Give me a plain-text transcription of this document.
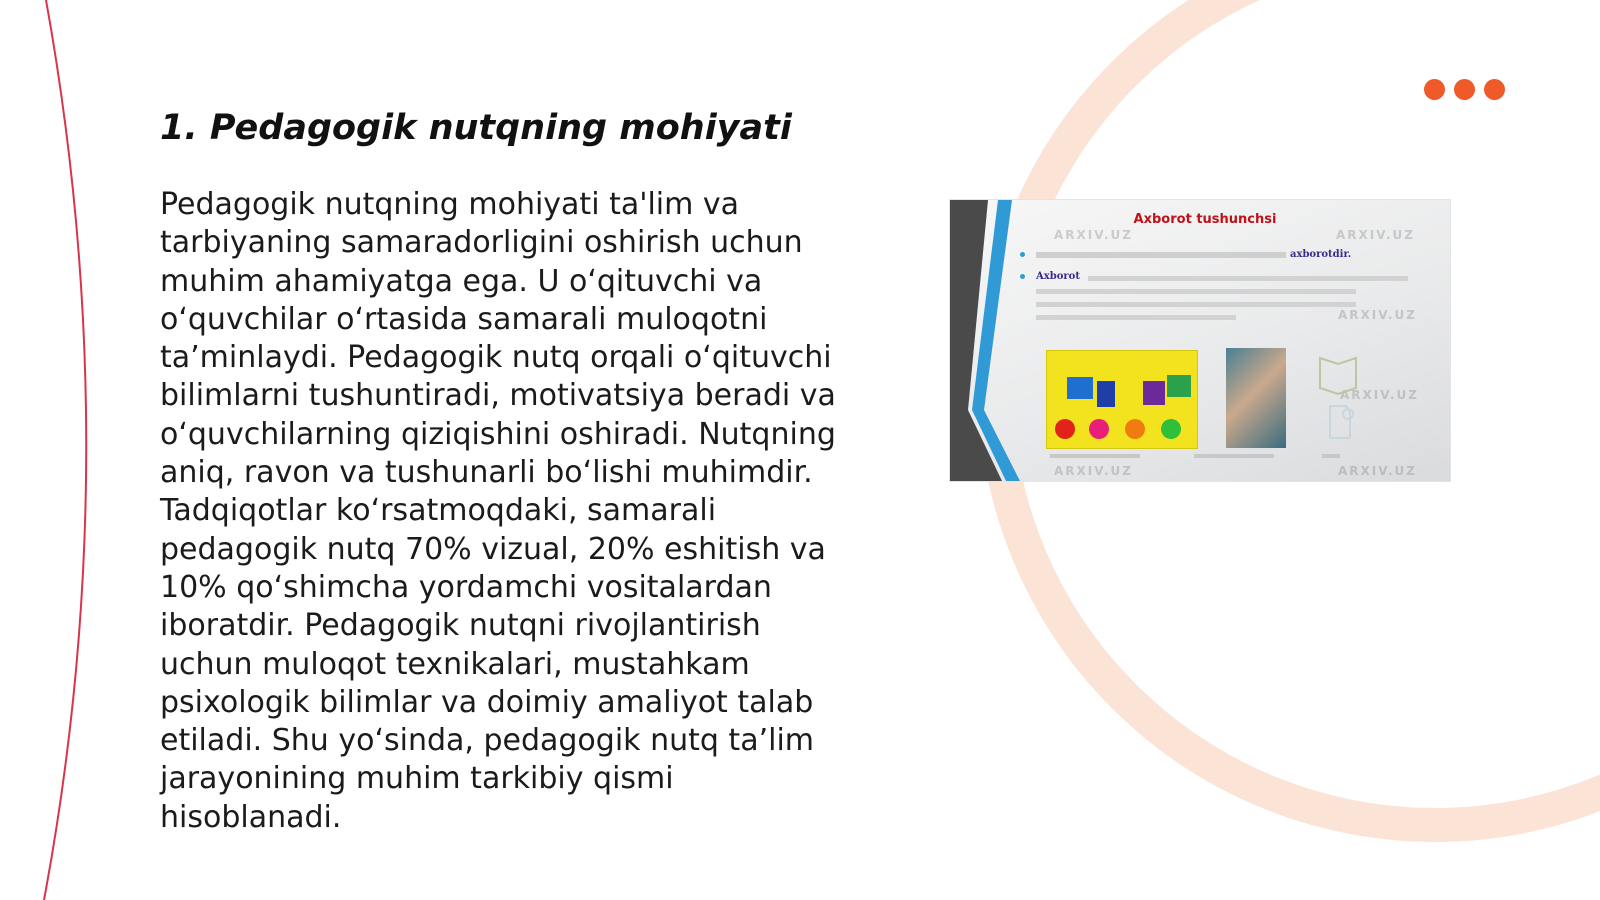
1. Pedagogik nutqning mohiyati

Pedagogik nutqning mohiyati ta'lim va tarbiyaning samaradorligini oshirish uchun muhim ahamiyatga ega. U o‘qituvchi va o‘quvchilar o‘rtasida samarali muloqotni ta’minlaydi. Pedagogik nutq orqali o‘qituvchi bilimlarni tushuntiradi, motivatsiya beradi va o‘quvchilarning qiziqishini oshiradi. Nutqning aniq, ravon va tushunarli bo‘lishi muhimdir. Tadqiqotlar ko‘rsatmoqdaki, samarali pedagogik nutq 70% vizual, 20% eshitish va 10% qo‘shimcha yordamchi vositalardan iboratdir. Pedagogik nutqni rivojlantirish uchun muloqot texnikalari, mustahkam psixologik bilimlar va doimiy amaliyot talab etiladi. Shu yo‘sinda, pedagogik nutq ta’lim jarayonining muhim tarkibiy qismi hisoblanadi.

Axborot tushunchsi
ARXIV.UZ	ARXIV.UZ
ARXIV.UZ
ARXIV.UZ
ARXIV.UZ	ARXIV.UZ
axborotdir.
Axborot
